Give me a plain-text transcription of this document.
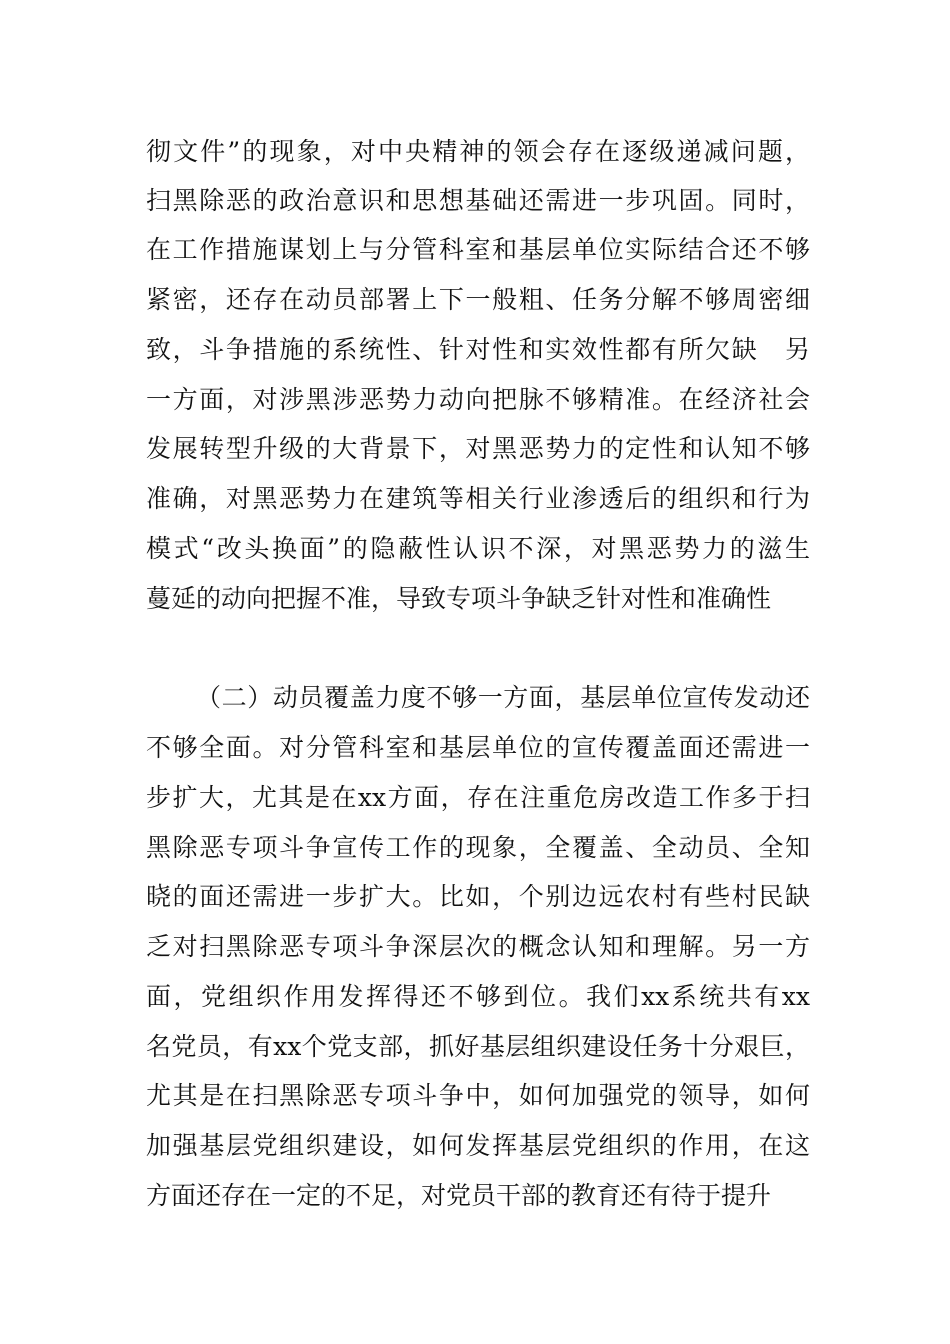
彻文件”的现象，对中央精神的领会存在逐级递减问题，
扫黑除恶的政治意识和思想基础还需进一步巩固。同时，
在工作措施谋划上与分管科室和基层单位实际结合还不够
紧密，还存在动员部署上下一般粗、任务分解不够周密细
致，斗争措施的系统性、针对性和实效性都有所欠缺　另
一方面，对涉黑涉恶势力动向把脉不够精准。在经济社会
发展转型升级的大背景下，对黑恶势力的定性和认知不够
准确，对黑恶势力在建筑等相关行业渗透后的组织和行为
模式“改头换面”的隐蔽性认识不深，对黑恶势力的滋生
蔓延的动向把握不准，导致专项斗争缺乏针对性和准确性
（二）动员覆盖力度不够一方面，基层单位宣传发动还
不够全面。对分管科室和基层单位的宣传覆盖面还需进一
步扩大，尤其是在xx方面，存在注重危房改造工作多于扫
黑除恶专项斗争宣传工作的现象，全覆盖、全动员、全知
晓的面还需进一步扩大。比如，个别边远农村有些村民缺
乏对扫黑除恶专项斗争深层次的概念认知和理解。另一方
面，党组织作用发挥得还不够到位。我们xx系统共有xx
名党员，有xx个党支部，抓好基层组织建设任务十分艰巨，
尤其是在扫黑除恶专项斗争中，如何加强党的领导，如何
加强基层党组织建设，如何发挥基层党组织的作用，在这
方面还存在一定的不足，对党员干部的教育还有待于提升
